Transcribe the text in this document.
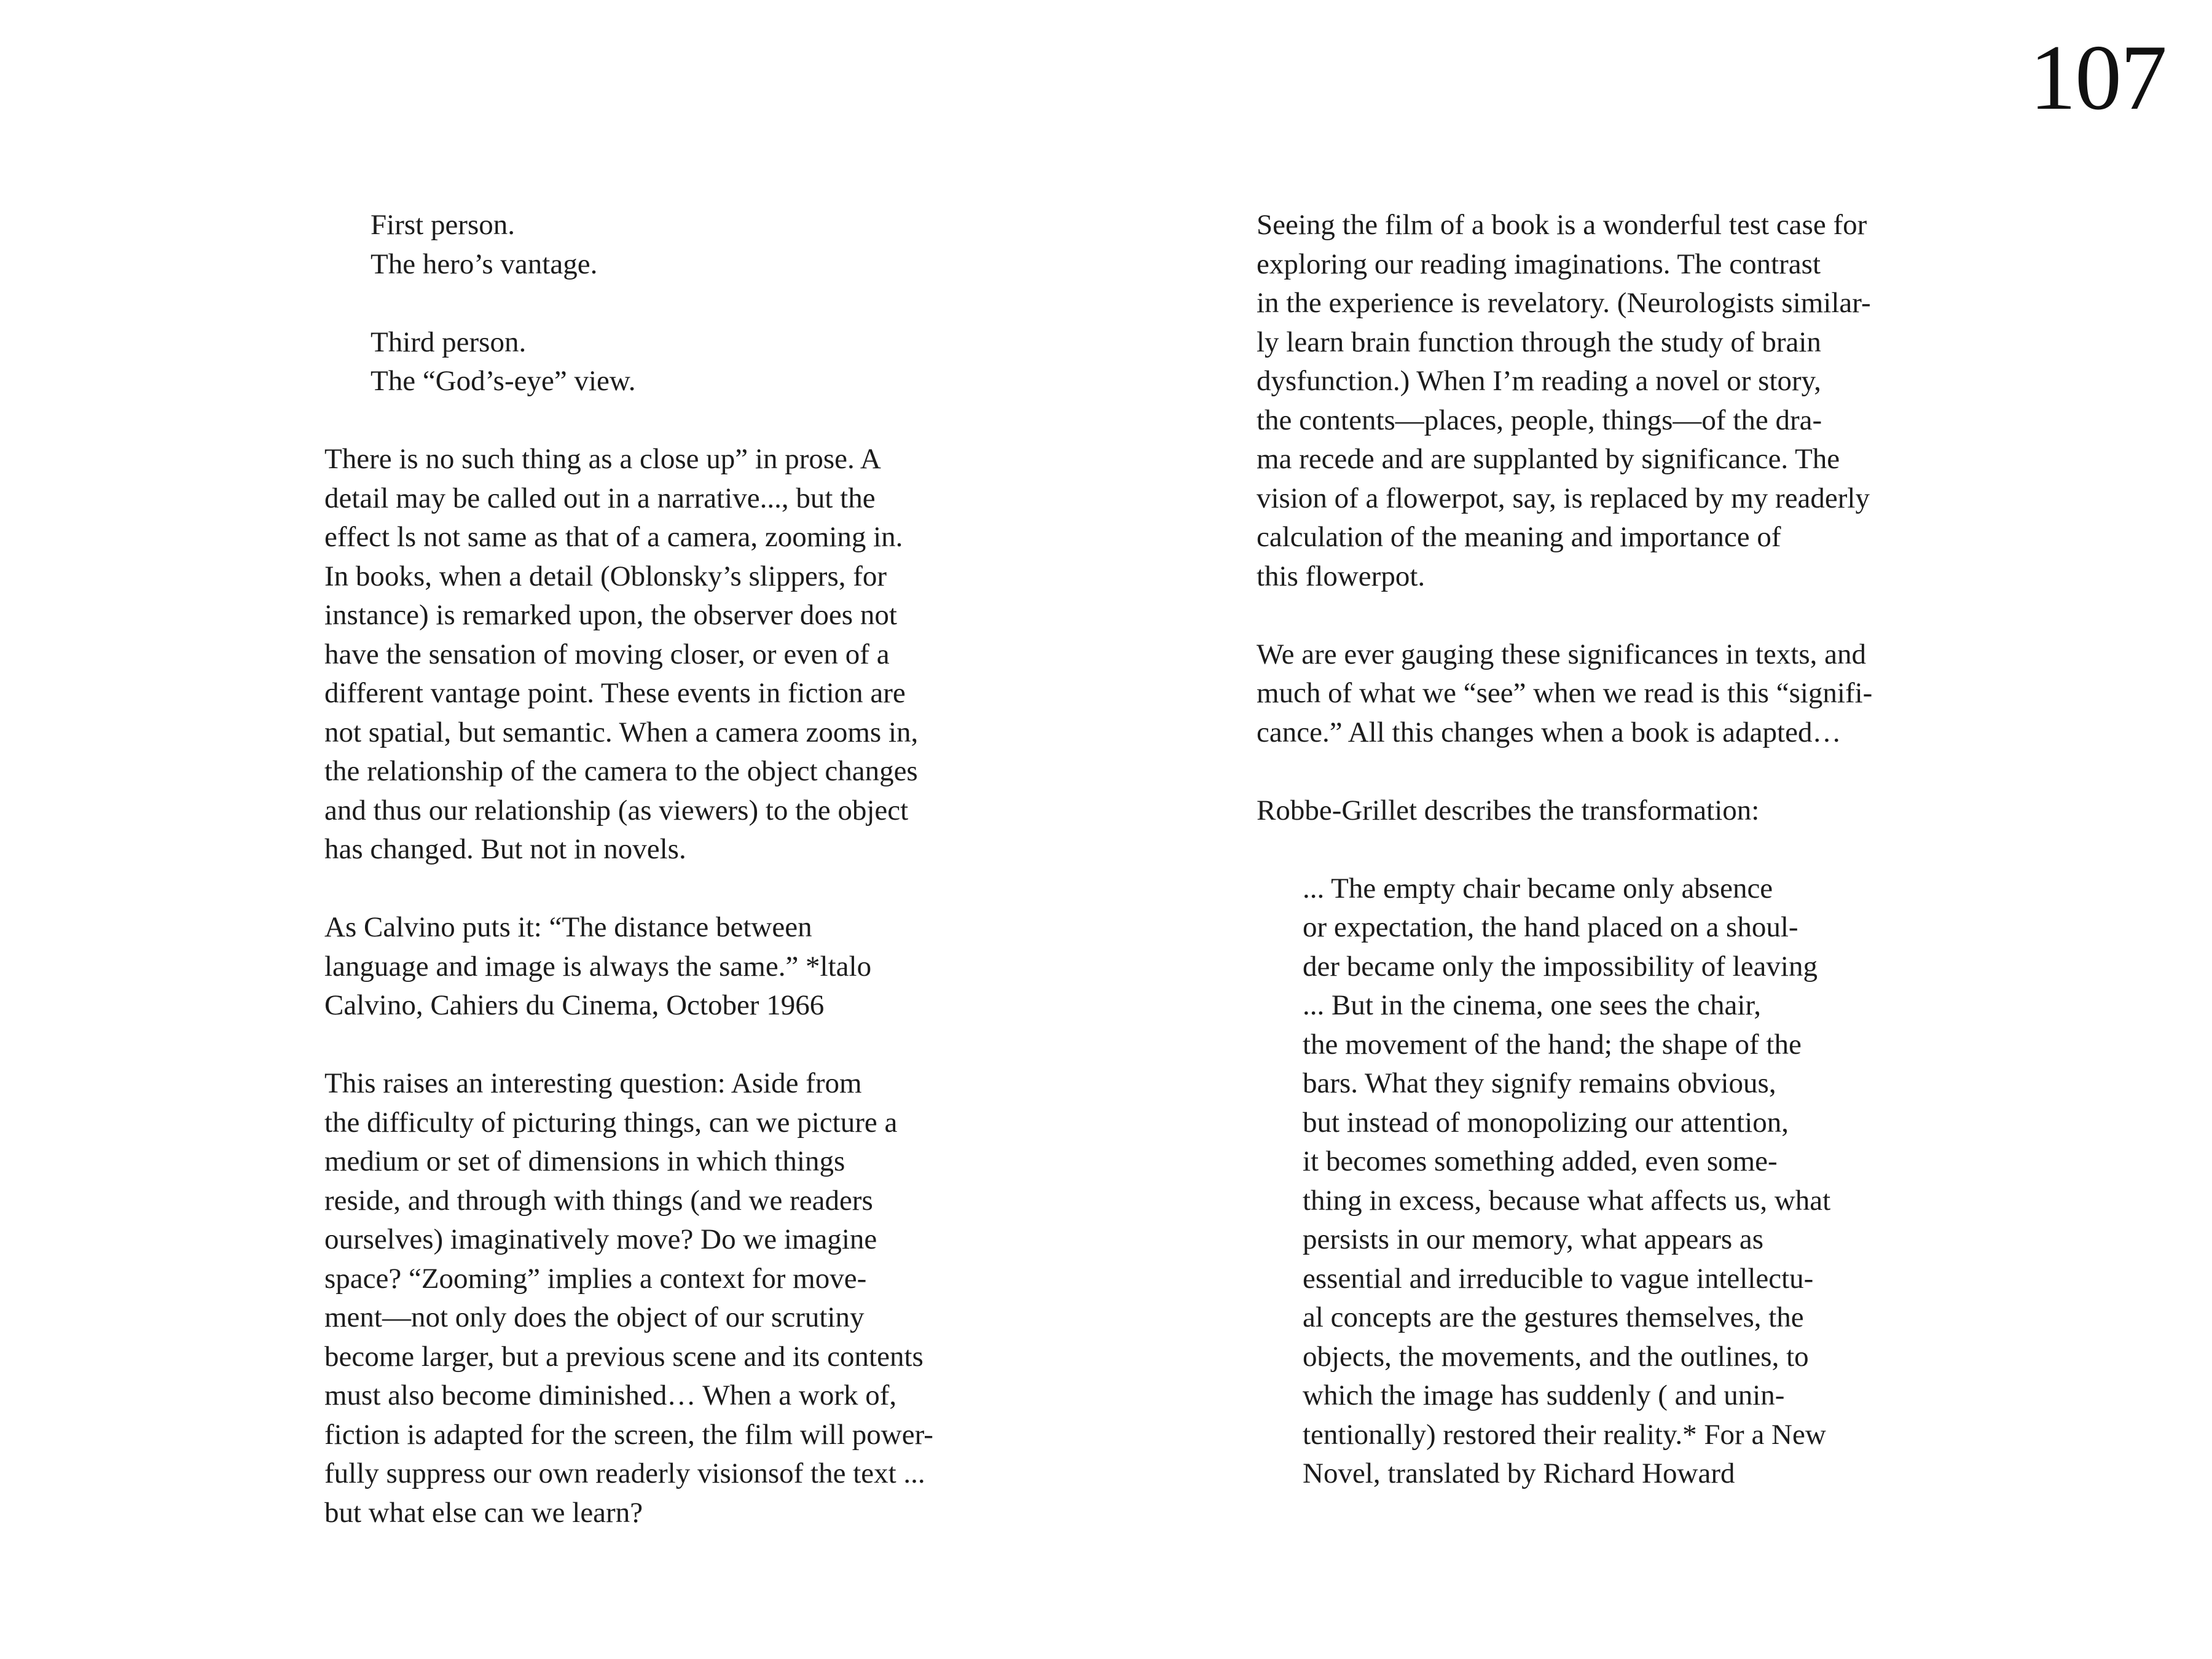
107
First person.
The hero’s vantage.
Third person.
The “God’s-eye” view.
There is no such thing as a close up” in prose. A
detail may be called out in a narrative..., but the
effect ls not same as that of a camera, zooming in.
In books, when a detail (Oblonsky’s slippers, for
instance) is remarked upon, the observer does not
have the sensation of moving closer, or even of a
different vantage point. These events in fiction are
not spatial, but semantic. When a camera zooms in,
the relationship of the camera to the object changes
and thus our relationship (as viewers) to the object
has changed. But not in novels.
As Calvino puts it: “The distance between
language and image is always the same.” *ltalo
Calvino, Cahiers du Cinema, October 1966
This raises an interesting question: Aside from
the difficulty of picturing things, can we picture a
medium or set of dimensions in which things
reside, and through with things (and we readers
ourselves) imaginatively move? Do we imagine
space? “Zooming” implies a context for move-
ment—not only does the object of our scrutiny
become larger, but a previous scene and its contents
must also become diminished… When a work of,
fiction is adapted for the screen, the film will power-
fully suppress our own readerly visionsof the text ...
but what else can we learn?
Seeing the film of a book is a wonderful test case for
exploring our reading imaginations. The contrast
in the experience is revelatory. (Neurologists similar-
ly learn brain function through the study of brain
dysfunction.) When I’m reading a novel or story,
the contents—places, people, things—of the dra-
ma recede and are supplanted by significance. The
vision of a flowerpot, say, is replaced by my readerly
calculation of the meaning and importance of
this flowerpot.
We are ever gauging these significances in texts, and
much of what we “see” when we read is this “signifi-
cance.” All this changes when a book is adapted…
Robbe-Grillet describes the transformation:
... The empty chair became only absence
or expectation, the hand placed on a shoul-
der became only the impossibility of leaving
... But in the cinema, one sees the chair,
the movement of the hand; the shape of the
bars. What they signify remains obvious,
but instead of monopolizing our attention,
it becomes something added, even some-
thing in excess, because what affects us, what
persists in our memory, what appears as
essential and irreducible to vague intellectu-
al concepts are the gestures themselves, the
objects, the movements, and the outlines, to
which the image has suddenly ( and unin-
tentionally) restored their reality.* For a New
Novel, translated by Richard Howard
